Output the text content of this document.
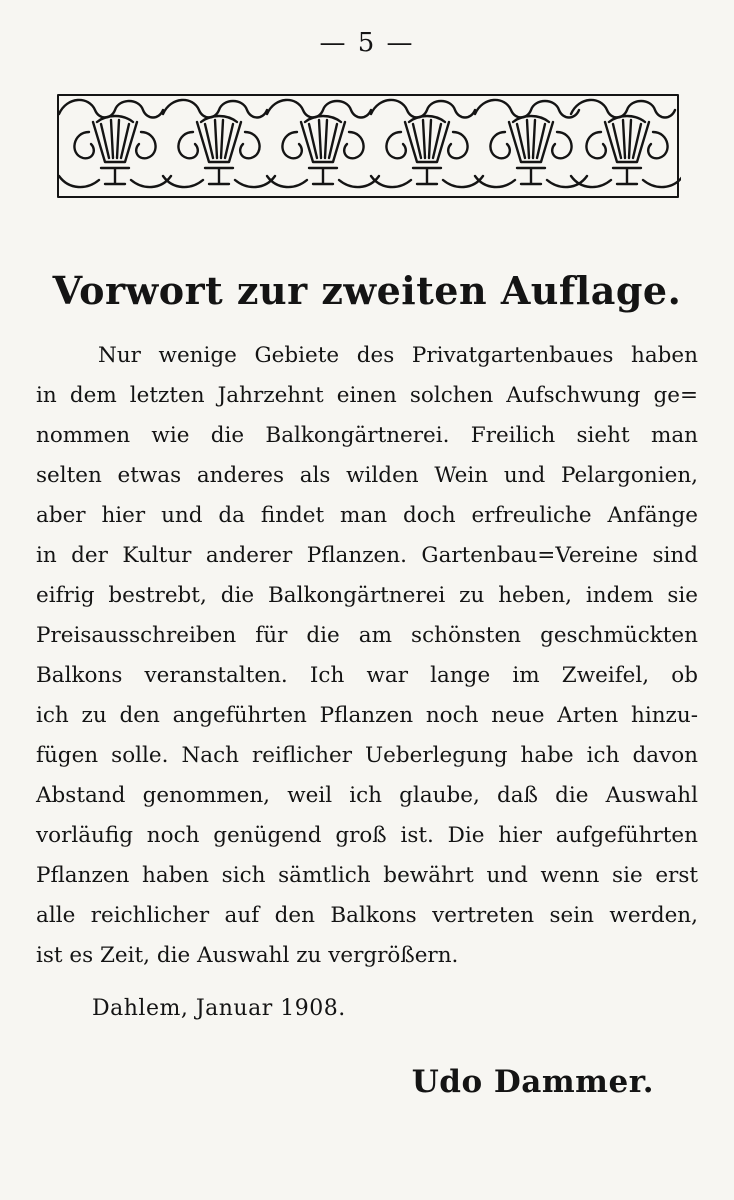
— 5 —
Vorwort zur zweiten Auflage.
Nur wenige Gebiete des Privatgartenbaues haben
in dem letzten Jahrzehnt einen solchen Aufschwung ge=
nommen wie die Balkongärtnerei. Freilich sieht man
selten etwas anderes als wilden Wein und Pelargonien,
aber hier und da findet man doch erfreuliche Anfänge
in der Kultur anderer Pflanzen. Gartenbau=Vereine sind
eifrig bestrebt, die Balkongärtnerei zu heben, indem sie
Preisausschreiben für die am schönsten geschmückten
Balkons veranstalten. Ich war lange im Zweifel, ob
ich zu den angeführten Pflanzen noch neue Arten hinzu-
fügen solle. Nach reiflicher Ueberlegung habe ich davon
Abstand genommen, weil ich glaube, daß die Auswahl
vorläufig noch genügend groß ist. Die hier aufgeführten
Pflanzen haben sich sämtlich bewährt und wenn sie erst
alle reichlicher auf den Balkons vertreten sein werden,
ist es Zeit, die Auswahl zu vergrößern.
Dahlem, Januar 1908.
Udo Dammer.
